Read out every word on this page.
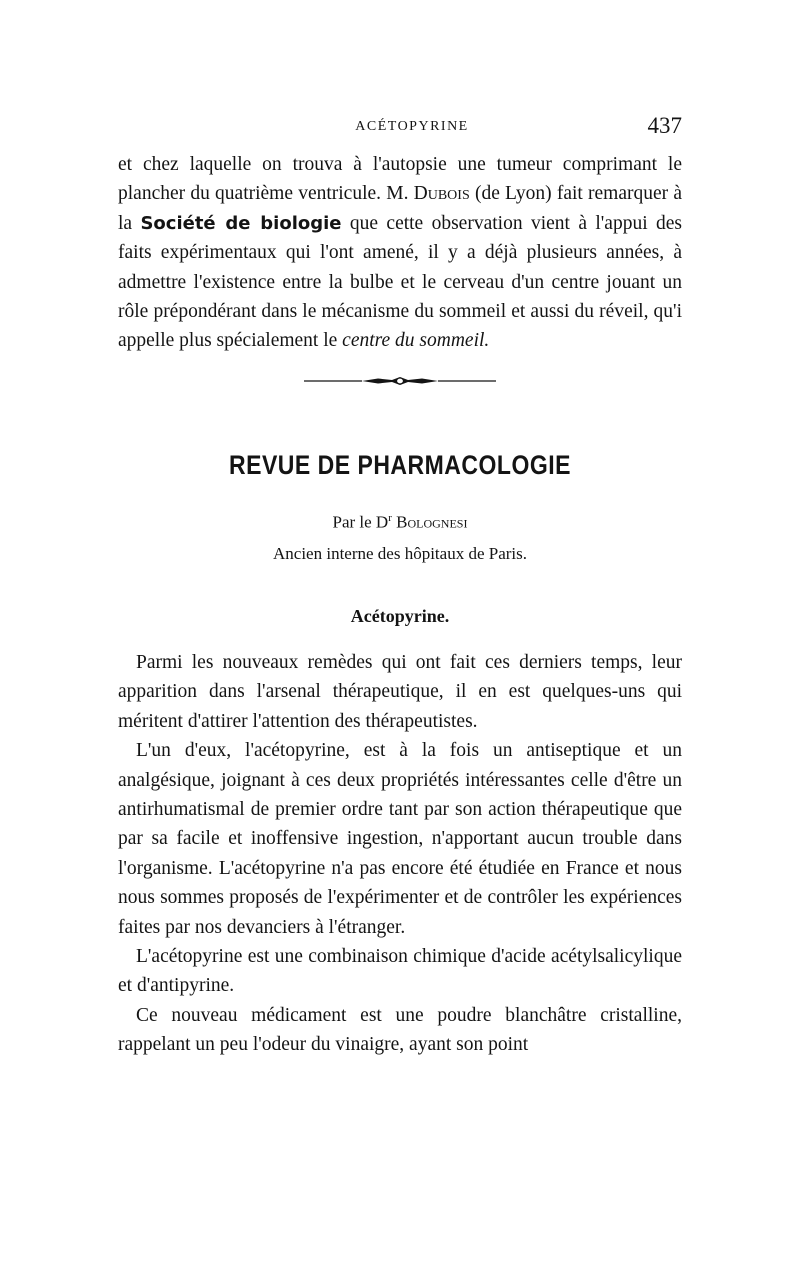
ACÉTOPYRINE	437

et chez laquelle on trouva à l'autopsie une tumeur comprimant le plancher du quatrième ventricule. M. Dubois (de Lyon) fait remarquer à la Société de biologie que cette observation vient à l'appui des faits expérimentaux qui l'ont amené, il y a déjà plusieurs années, à admettre l'existence entre la bulbe et le cerveau d'un centre jouant un rôle prépondérant dans le mécanisme du sommeil et aussi du réveil, qu'i appelle plus spécialement le centre du sommeil.

REVUE DE PHARMACOLOGIE
Par le $D^r$ Bolognesi
Ancien interne des hôpitaux de Paris.
Acétopyrine.

Parmi les nouveaux remèdes qui ont fait ces derniers temps, leur apparition dans l'arsenal thérapeutique, il en est quelques-uns qui méritent d'attirer l'attention des thérapeutistes.

L'un d'eux, l'acétopyrine, est à la fois un antiseptique et un analgésique, joignant à ces deux propriétés intéressantes celle d'être un antirhumatismal de premier ordre tant par son action thérapeutique que par sa facile et inoffensive ingestion, n'apportant aucun trouble dans l'organisme. L'acétopyrine n'a pas encore été étudiée en France et nous nous sommes proposés de l'expérimenter et de contrôler les expériences faites par nos devanciers à l'étranger.

L'acétopyrine est une combinaison chimique d'acide acétylsalicylique et d'antipyrine.

Ce nouveau médicament est une poudre blanchâtre cristalline, rappelant un peu l'odeur du vinaigre, ayant son point
